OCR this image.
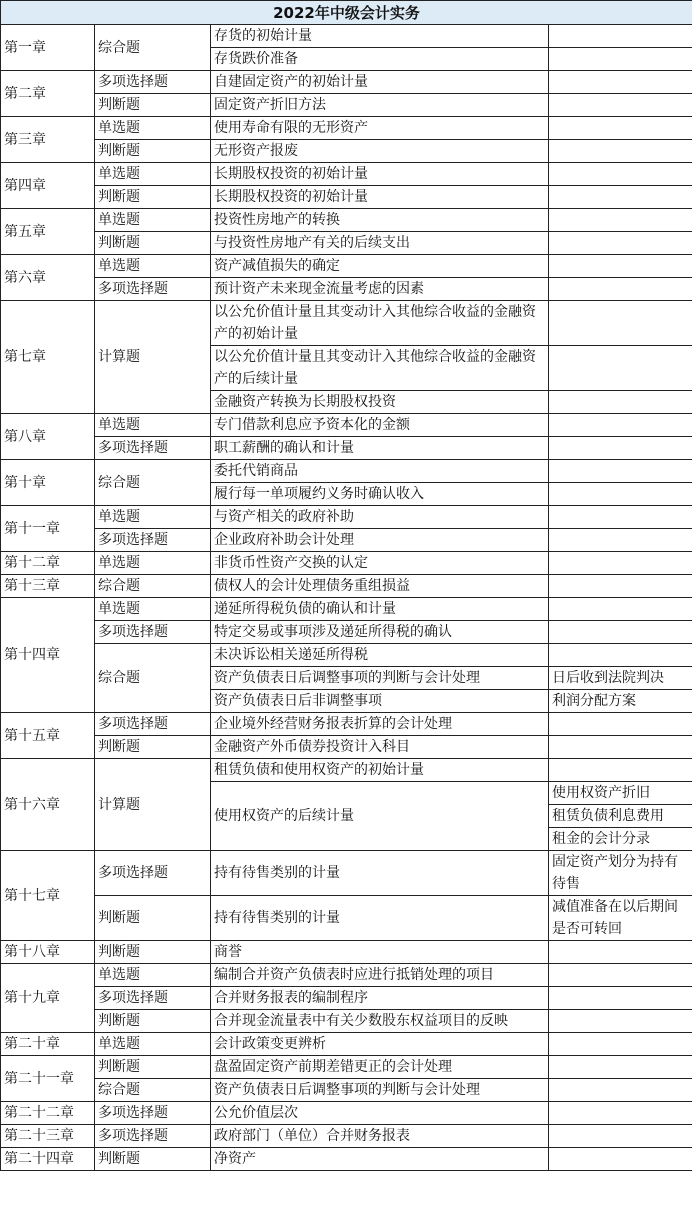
2022年中级会计实务			
第一章	综合题	存货的初始计量	
		存货跌价准备	
第二章	多项选择题	自建固定资产的初始计量	
	判断题	固定资产折旧方法	
第三章	单选题	使用寿命有限的无形资产	
	判断题	无形资产报废	
第四章	单选题	长期股权投资的初始计量	
	判断题	长期股权投资的初始计量	
第五章	单选题	投资性房地产的转换	
	判断题	与投资性房地产有关的后续支出	
第六章	单选题	资产减值损失的确定	
	多项选择题	预计资产未来现金流量考虑的因素	
第七章	计算题	以公允价值计量且其变动计入其他综合收益的金融资产的初始计量	
		以公允价值计量且其变动计入其他综合收益的金融资产的后续计量	
		金融资产转换为长期股权投资	
第八章	单选题	专门借款利息应予资本化的金额	
	多项选择题	职工薪酬的确认和计量	
第十章	综合题	委托代销商品	
		履行每一单项履约义务时确认收入	
第十一章	单选题	与资产相关的政府补助	
	多项选择题	企业政府补助会计处理	
第十二章	单选题	非货币性资产交换的认定	
第十三章	综合题	债权人的会计处理债务重组损益	
第十四章	单选题	递延所得税负债的确认和计量	
	多项选择题	特定交易或事项涉及递延所得税的确认	
	综合题	未决诉讼相关递延所得税	
		资产负债表日后调整事项的判断与会计处理	日后收到法院判决
		资产负债表日后非调整事项	利润分配方案
第十五章	多项选择题	企业境外经营财务报表折算的会计处理	
	判断题	金融资产外币债券投资计入科目	
第十六章	计算题	租赁负债和使用权资产的初始计量	
		使用权资产的后续计量	使用权资产折旧
			租赁负债利息费用
			租金的会计分录
第十七章	多项选择题	持有待售类别的计量	固定资产划分为持有待售
	判断题	持有待售类别的计量	减值准备在以后期间是否可转回
第十八章	判断题	商誉	
第十九章	单选题	编制合并资产负债表时应进行抵销处理的项目	
	多项选择题	合并财务报表的编制程序	
	判断题	合并现金流量表中有关少数股东权益项目的反映	
第二十章	单选题	会计政策变更辨析	
第二十一章	判断题	盘盈固定资产前期差错更正的会计处理	
	综合题	资产负债表日后调整事项的判断与会计处理	
第二十二章	多项选择题	公允价值层次	
第二十三章	多项选择题	政府部门（单位）合并财务报表	
第二十四章	判断题	净资产	
